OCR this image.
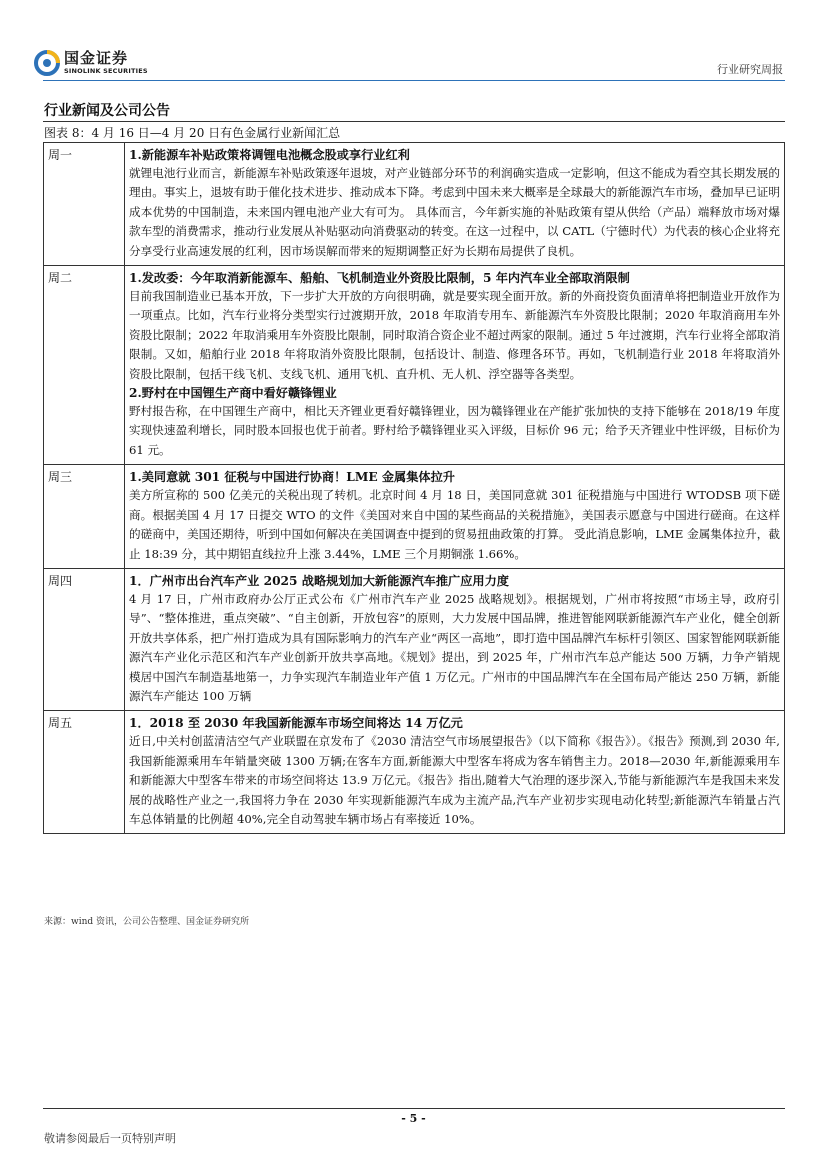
国金证券
SINOLINK SECURITIES	行业研究周报
行业新闻及公司公告
图表 8：4 月 16 日—4 月 20 日有色金属行业新闻汇总
周一	1.新能源车补贴政策将调锂电池概念股或享行业红利
就锂电池行业而言，新能源车补贴政策逐年退坡，对产业链部分环节的利润确实造成一定影响，但这不能成为看空其长期发展的理由。事实上，退坡有助于催化技术进步、推动成本下降。考虑到中国未来大概率是全球最大的新能源汽车市场，叠加早已证明成本优势的中国制造，未来国内锂电池产业大有可为。 具体而言，今年新实施的补贴政策有望从供给（产品）端释放市场对爆款车型的消费需求，推动行业发展从补贴驱动向消费驱动的转变。在这一过程中，以 CATL（宁德时代）为代表的核心企业将充分享受行业高速发展的红利，因市场误解而带来的短期调整正好为长期布局提供了良机。

周二	1.发改委：今年取消新能源车、船舶、飞机制造业外资股比限制，5 年内汽车业全部取消限制
目前我国制造业已基本开放，下一步扩大开放的方向很明确，就是要实现全面开放。新的外商投资负面清单将把制造业开放作为一项重点。比如，汽车行业将分类型实行过渡期开放，2018 年取消专用车、新能源汽车外资股比限制；2020 年取消商用车外资股比限制；2022 年取消乘用车外资股比限制，同时取消合资企业不超过两家的限制。通过 5 年过渡期，汽车行业将全部取消限制。又如，船舶行业 2018 年将取消外资股比限制，包括设计、制造、修理各环节。再如，飞机制造行业 2018 年将取消外资股比限制，包括干线飞机、支线飞机、通用飞机、直升机、无人机、浮空器等各类型。
2.野村在中国锂生产商中看好赣锋锂业
野村报告称，在中国锂生产商中，相比天齐锂业更看好赣锋锂业，因为赣锋锂业在产能扩张加快的支持下能够在 2018/19 年度实现快速盈利增长，同时股本回报也优于前者。野村给予赣锋锂业买入评级，目标价 96 元；给予天齐锂业中性评级，目标价为 61 元。

周三	1.美同意就 301 征税与中国进行协商！LME 金属集体拉升
美方所宣称的 500 亿美元的关税出现了转机。北京时间 4 月 18 日，美国同意就 301 征税措施与中国进行 WTODSB 项下磋商。根据美国 4 月 17 日提交 WTO 的文件《美国对来自中国的某些商品的关税措施》，美国表示愿意与中国进行磋商。在这样的磋商中，美国还期待，听到中国如何解决在美国调查中提到的贸易扭曲政策的打算。 受此消息影响，LME 金属集体拉升，截止 18:39 分，其中期铝直线拉升上涨 3.44%，LME 三个月期铜涨 1.66%。

周四	1．广州市出台汽车产业 2025 战略规划加大新能源汽车推广应用力度
4 月 17 日，广州市政府办公厅正式公布《广州市汽车产业 2025 战略规划》。根据规划，广州市将按照“市场主导，政府引导”、“整体推进，重点突破”、“自主创新，开放包容”的原则，大力发展中国品牌，推进智能网联新能源汽车产业化，健全创新开放共享体系，把广州打造成为具有国际影响力的汽车产业“两区一高地”，即打造中国品牌汽车标杆引领区、国家智能网联新能源汽车产业化示范区和汽车产业创新开放共享高地。《规划》提出，到 2025 年，广州市汽车总产能达 500 万辆，力争产销规模居中国汽车制造基地第一，力争实现汽车制造业年产值 1 万亿元。广州市的中国品牌汽车在全国布局产能达 250 万辆，新能源汽车产能达 100 万辆

周五	1．2018 至 2030 年我国新能源车市场空间将达 14 万亿元
近日,中关村创蓝清洁空气产业联盟在京发布了《2030 清洁空气市场展望报告》（以下简称《报告》）。《报告》预测,到 2030 年,我国新能源乘用车年销量突破 1300 万辆;在客车方面,新能源大中型客车将成为客车销售主力。2018—2030 年,新能源乘用车和新能源大中型客车带来的市场空间将达 13.9 万亿元。《报告》指出,随着大气治理的逐步深入,节能与新能源汽车是我国未来发展的战略性产业之一,我国将力争在 2030 年实现新能源汽车成为主流产品,汽车产业初步实现电动化转型;新能源汽车销量占汽车总体销量的比例超 40%,完全自动驾驶车辆市场占有率接近 10%。
来源：wind 资讯，公司公告整理、国金证券研究所
- 5 -
敬请参阅最后一页特别声明
